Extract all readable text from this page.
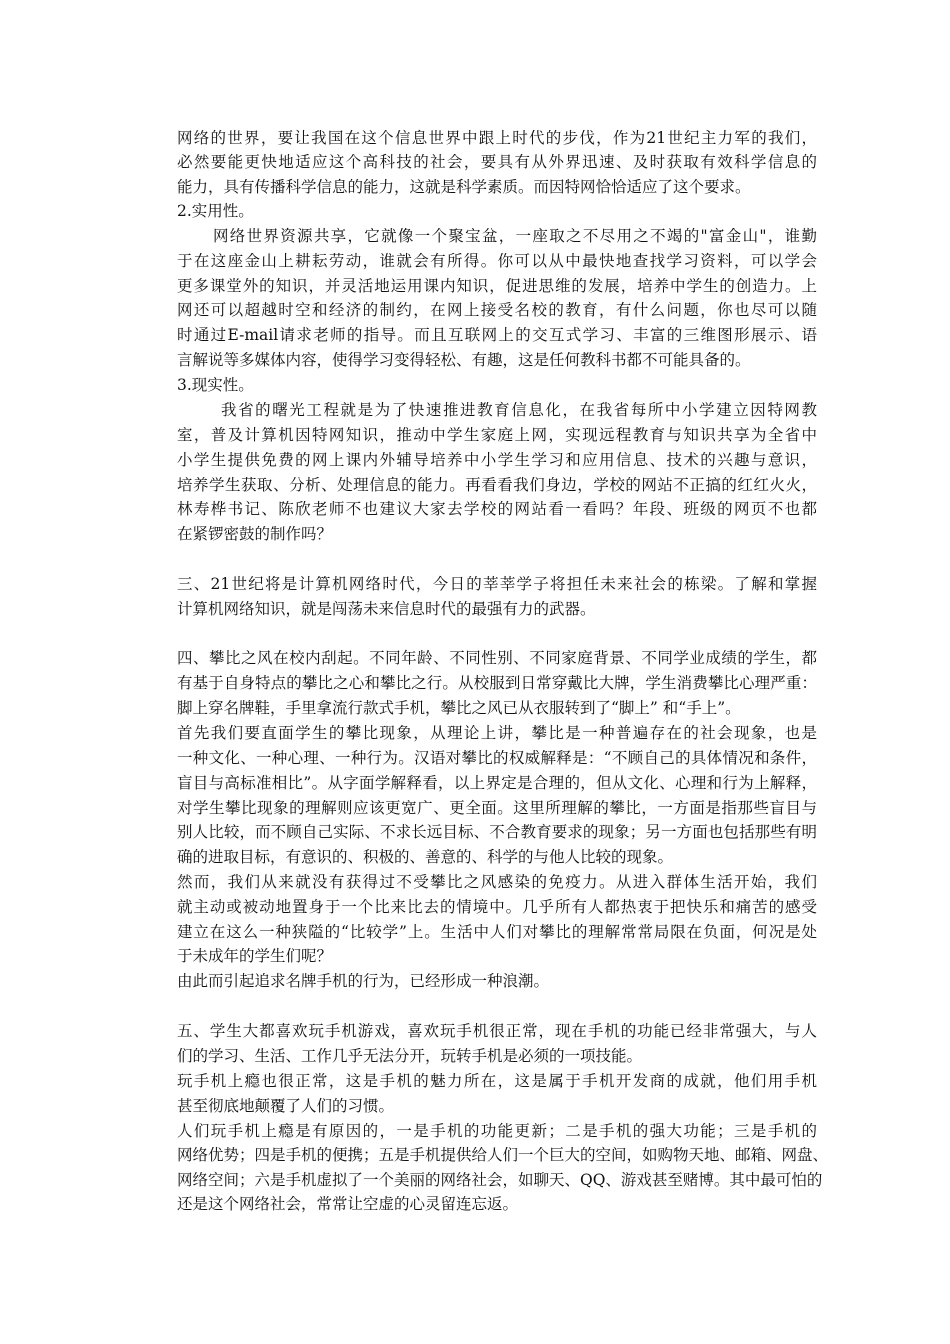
网络的世界，要让我国在这个信息世界中跟上时代的步伐，作为21世纪主力军的我们，
必然要能更快地适应这个高科技的社会，要具有从外界迅速、及时获取有效科学信息的
能力，具有传播科学信息的能力，这就是科学素质。而因特网恰恰适应了这个要求。
2.实用性。
网络世界资源共享，它就像一个聚宝盆，一座取之不尽用之不竭的"富金山"，谁勤
于在这座金山上耕耘劳动，谁就会有所得。你可以从中最快地查找学习资料，可以学会
更多课堂外的知识，并灵活地运用课内知识，促进思维的发展，培养中学生的创造力。上
网还可以超越时空和经济的制约，在网上接受名校的教育，有什么问题，你也尽可以随
时通过E-mail请求老师的指导。而且互联网上的交互式学习、丰富的三维图形展示、语
言解说等多媒体内容，使得学习变得轻松、有趣，这是任何教科书都不可能具备的。
3.现实性。
我省的曙光工程就是为了快速推进教育信息化，在我省每所中小学建立因特网教
室，普及计算机因特网知识，推动中学生家庭上网，实现远程教育与知识共享为全省中
小学生提供免费的网上课内外辅导培养中小学生学习和应用信息、技术的兴趣与意识，
培养学生获取、分析、处理信息的能力。再看看我们身边，学校的网站不正搞的红红火火，
林寿桦书记、陈欣老师不也建议大家去学校的网站看一看吗？年段、班级的网页不也都
在紧锣密鼓的制作吗？
三、21世纪将是计算机网络时代，今日的莘莘学子将担任未来社会的栋梁。了解和掌握
计算机网络知识，就是闯荡未来信息时代的最强有力的武器。
四、攀比之风在校内刮起。不同年龄、不同性别、不同家庭背景、不同学业成绩的学生，都
有基于自身特点的攀比之心和攀比之行。从校服到日常穿戴比大牌，学生消费攀比心理严重：
脚上穿名牌鞋，手里拿流行款式手机，攀比之风已从衣服转到了“脚上” 和“手上”。
首先我们要直面学生的攀比现象，从理论上讲，攀比是一种普遍存在的社会现象，也是
一种文化、一种心理、一种行为。汉语对攀比的权威解释是：“不顾自己的具体情况和条件，
盲目与高标准相比”。从字面学解释看，以上界定是合理的，但从文化、心理和行为上解释，
对学生攀比现象的理解则应该更宽广、更全面。这里所理解的攀比，一方面是指那些盲目与
别人比较，而不顾自己实际、不求长远目标、不合教育要求的现象；另一方面也包括那些有明
确的进取目标，有意识的、积极的、善意的、科学的与他人比较的现象。
然而，我们从来就没有获得过不受攀比之风感染的免疫力。从进入群体生活开始，我们
就主动或被动地置身于一个比来比去的情境中。几乎所有人都热衷于把快乐和痛苦的感受
建立在这么一种狭隘的“比较学”上。生活中人们对攀比的理解常常局限在负面，何况是处
于未成年的学生们呢？
由此而引起追求名牌手机的行为，已经形成一种浪潮。
五、学生大都喜欢玩手机游戏，喜欢玩手机很正常，现在手机的功能已经非常强大，与人
们的学习、生活、工作几乎无法分开，玩转手机是必须的一项技能。
玩手机上瘾也很正常，这是手机的魅力所在，这是属于手机开发商的成就，他们用手机
甚至彻底地颠覆了人们的习惯。
人们玩手机上瘾是有原因的，一是手机的功能更新；二是手机的强大功能；三是手机的
网络优势；四是手机的便携；五是手机提供给人们一个巨大的空间，如购物天地、邮箱、网盘、
网络空间；六是手机虚拟了一个美丽的网络社会，如聊天、QQ、游戏甚至赌博。其中最可怕的
还是这个网络社会，常常让空虚的心灵留连忘返。
